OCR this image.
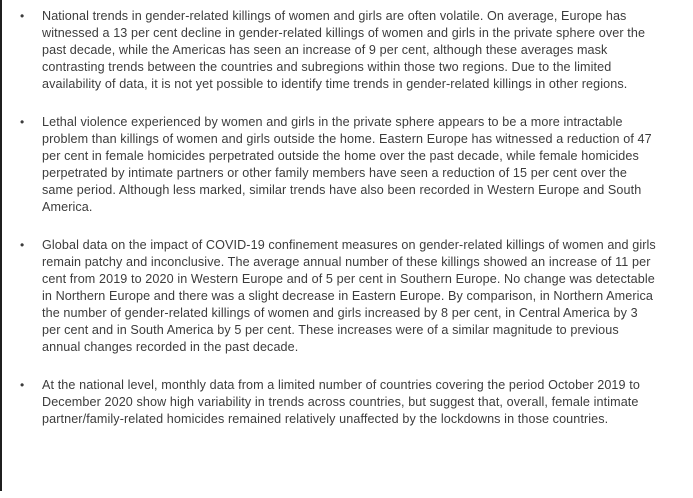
•	National trends in gender-related killings of women and girls are often volatile. On average, Europe has witnessed a 13 per cent decline in gender-related killings of women and girls in the private sphere over the past decade, while the Americas has seen an increase of 9 per cent, although these averages mask contrasting trends between the countries and subregions within those two regions. Due to the limited availability of data, it is not yet possible to identify time trends in gender-related killings in other regions.
•	Lethal violence experienced by women and girls in the private sphere appears to be a more intractable problem than killings of women and girls outside the home. Eastern Europe has witnessed a reduction of 47 per cent in female homicides perpetrated outside the home over the past decade, while female homicides perpetrated by intimate partners or other family members have seen a reduction of 15 per cent over the same period. Although less marked, similar trends have also been recorded in Western Europe and South America.
•	Global data on the impact of COVID-19 confinement measures on gender-related killings of women and girls remain patchy and inconclusive. The average annual number of these killings showed an increase of 11 per cent from 2019 to 2020 in Western Europe and of 5 per cent in Southern Europe. No change was detectable in Northern Europe and there was a slight decrease in Eastern Europe. By comparison, in Northern America the number of gender-related killings of women and girls increased by 8 per cent, in Central America by 3 per cent and in South America by 5 per cent. These increases were of a similar magnitude to previous annual changes recorded in the past decade.
•	At the national level, monthly data from a limited number of countries covering the period October 2019 to December 2020 show high variability in trends across countries, but suggest that, overall, female intimate partner/family-related homicides remained relatively unaffected by the lockdowns in those countries.
